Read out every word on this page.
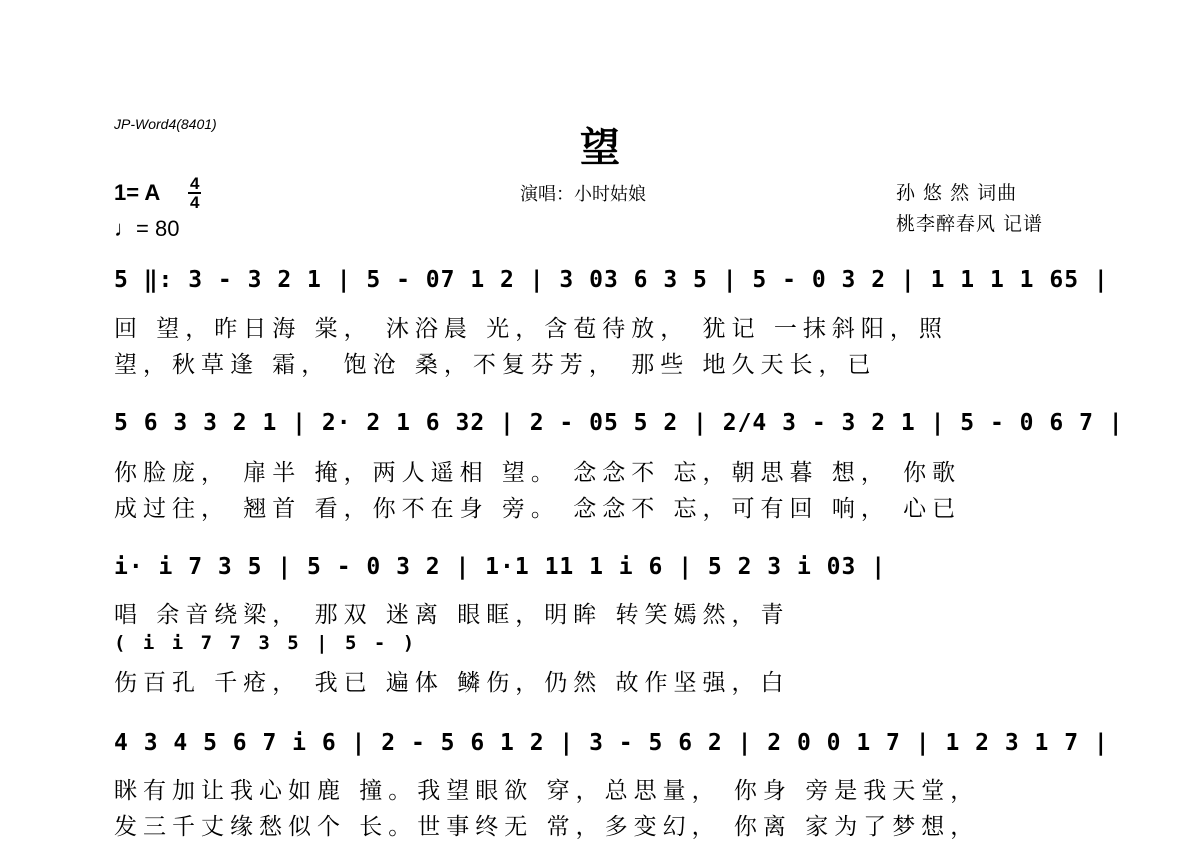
JP-Word4(8401)
望
1= A 4
4
♩= 80
演唱：小时姑娘	孙 悠 然 词曲
桃李醉春风 记谱
5 ‖: 3 - 3 2 1 | 5 - 07 1 2 | 3 03 6 3 5 | 5 - 0 3 2 | 1 1 1 1 65 |
回 望，昨日海 棠， 沐浴晨 光，含苞待放， 犹记 一抹斜阳，照
望，秋草逢 霜， 饱沧 桑，不复芬芳， 那些 地久天长，已
5 6 3 3 2 1 | 2· 2 1 6 32 | 2 - 05 5 2 | 2/4 3 - 3 2 1 | 5 - 0 6 7 |
你脸庞， 扉半 掩，两人遥相 望。 念念不 忘，朝思暮 想， 你歌
成过往， 翘首 看，你不在身 旁。 念念不 忘，可有回 响， 心已
i· i 7 3 5 | 5 - 0 3 2 | 1·1 11 1 i 6 | 5 2 3 i 03 |
唱 余音绕梁， 那双 迷离 眼眶，明眸 转笑嫣然，青
( i i 7 7 3 5 | 5 - )
伤百孔 千疮， 我已 遍体 鳞伤，仍然 故作坚强，白
4 3 4 5 6 7 i 6 | 2 - 5 6 1 2 | 3 - 5 6 2 | 2 0 0 1 7 | 1 2 3 1 7 |
眯有加让我心如鹿 撞。我望眼欲 穿，总思量， 你身 旁是我天堂，
发三千丈缘愁似个 长。世事终无 常，多变幻， 你离 家为了梦想，
